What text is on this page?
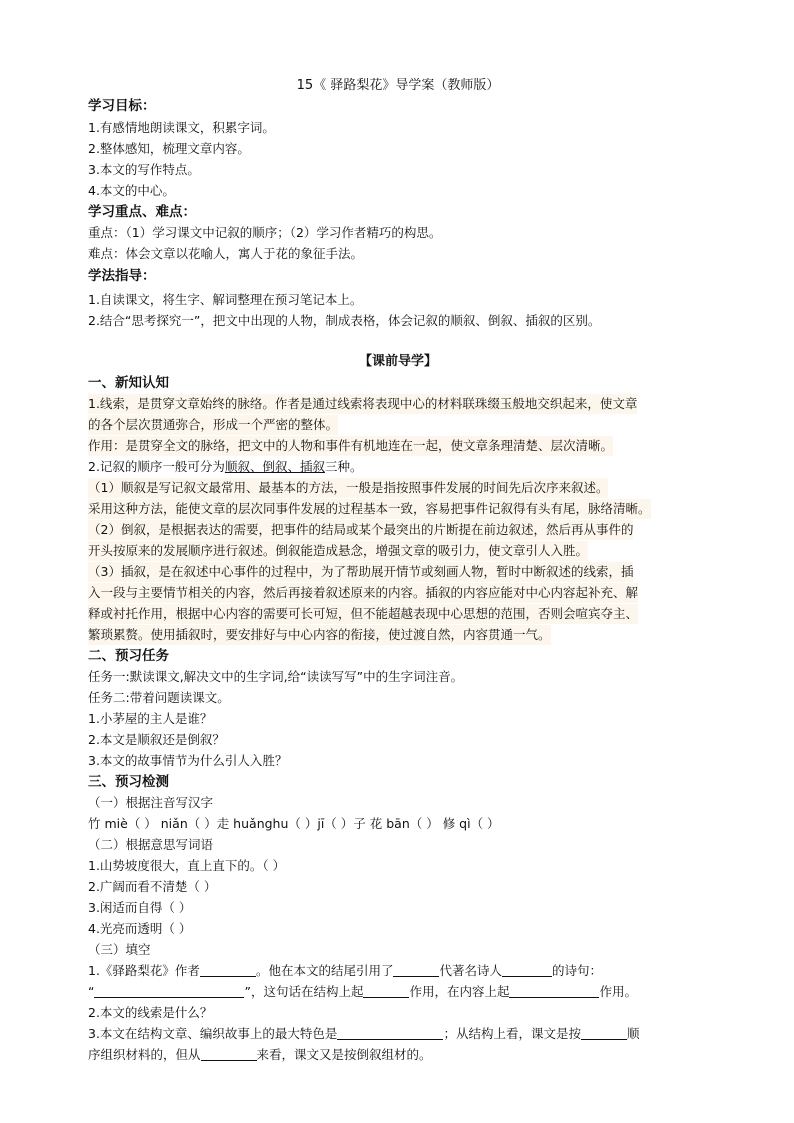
15《 驿路梨花》导学案（教师版）
学习目标：
1.有感情地朗读课文，积累字词。
2.整体感知，梳理文章内容。
3.本文的写作特点。
4.本文的中心。
学习重点、难点：
重点：（1）学习课文中记叙的顺序；（2）学习作者精巧的构思。
难点：体会文章以花喻人，寓人于花的象征手法。
学法指导：
1.自读课文，将生字、解词整理在预习笔记本上。
2.结合“思考探究一”，把文中出现的人物，制成表格，体会记叙的顺叙、倒叙、插叙的区别。
【课前导学】
一、新知认知
1.线索，是贯穿文章始终的脉络。作者是通过线索将表现中心的材料联珠缀玉般地交织起来，使文章
的各个层次贯通弥合，形成一个严密的整体。
作用：是贯穿全文的脉络，把文中的人物和事件有机地连在一起，使文章条理清楚、层次清晰。
2.记叙的顺序一般可分为顺叙、倒叙、插叙三种。
（1）顺叙是写记叙文最常用、最基本的方法，一般是指按照事件发展的时间先后次序来叙述。
采用这种方法，能使文章的层次同事件发展的过程基本一致，容易把事件记叙得有头有尾，脉络清晰。
（2）倒叙，是根据表达的需要，把事件的结局或某个最突出的片断提在前边叙述，然后再从事件的
开头按原来的发展顺序进行叙述。倒叙能造成悬念，增强文章的吸引力，使文章引人入胜。
（3）插叙，是在叙述中心事件的过程中，为了帮助展开情节或刻画人物，暂时中断叙述的线索，插
入一段与主要情节相关的内容，然后再接着叙述原来的内容。插叙的内容应能对中心内容起补充、解
释或衬托作用，根据中心内容的需要可长可短，但不能超越表现中心思想的范围，否则会喧宾夺主、
繁琐累赘。使用插叙时，要安排好与中心内容的衔接，使过渡自然，内容贯通一气。
二、预习任务
任务一:默读课文,解决文中的生字词,给“读读写写”中的生字词注音。
任务二:带着问题读课文。
1.小茅屋的主人是谁？
2.本文是顺叙还是倒叙？
3.本文的故事情节为什么引人入胜？
三、预习检测
（一）根据注音写汉字
竹 miè（ ） niǎn（ ）走 huǎnghu（ ）jī（ ）子 花 bān（ ） 修 qì（ ）
（二）根据意思写词语
1.山势坡度很大，直上直下的。（ ）
2.广阔而看不清楚（ ）
3.闲适而自得（ ）
4.光亮而透明（ ）
（三）填空
1.《驿路梨花》作者	。他在本文的结尾引用了	代著名诗人	的诗句：
“	”，这句话在结构上起	作用，在内容上起	作用。
2.本文的线索是什么？
3.本文在结构文章、编织故事上的最大特色是	；从结构上看，课文是按	顺
序组织材料的，但从	来看，课文又是按倒叙组材的。
